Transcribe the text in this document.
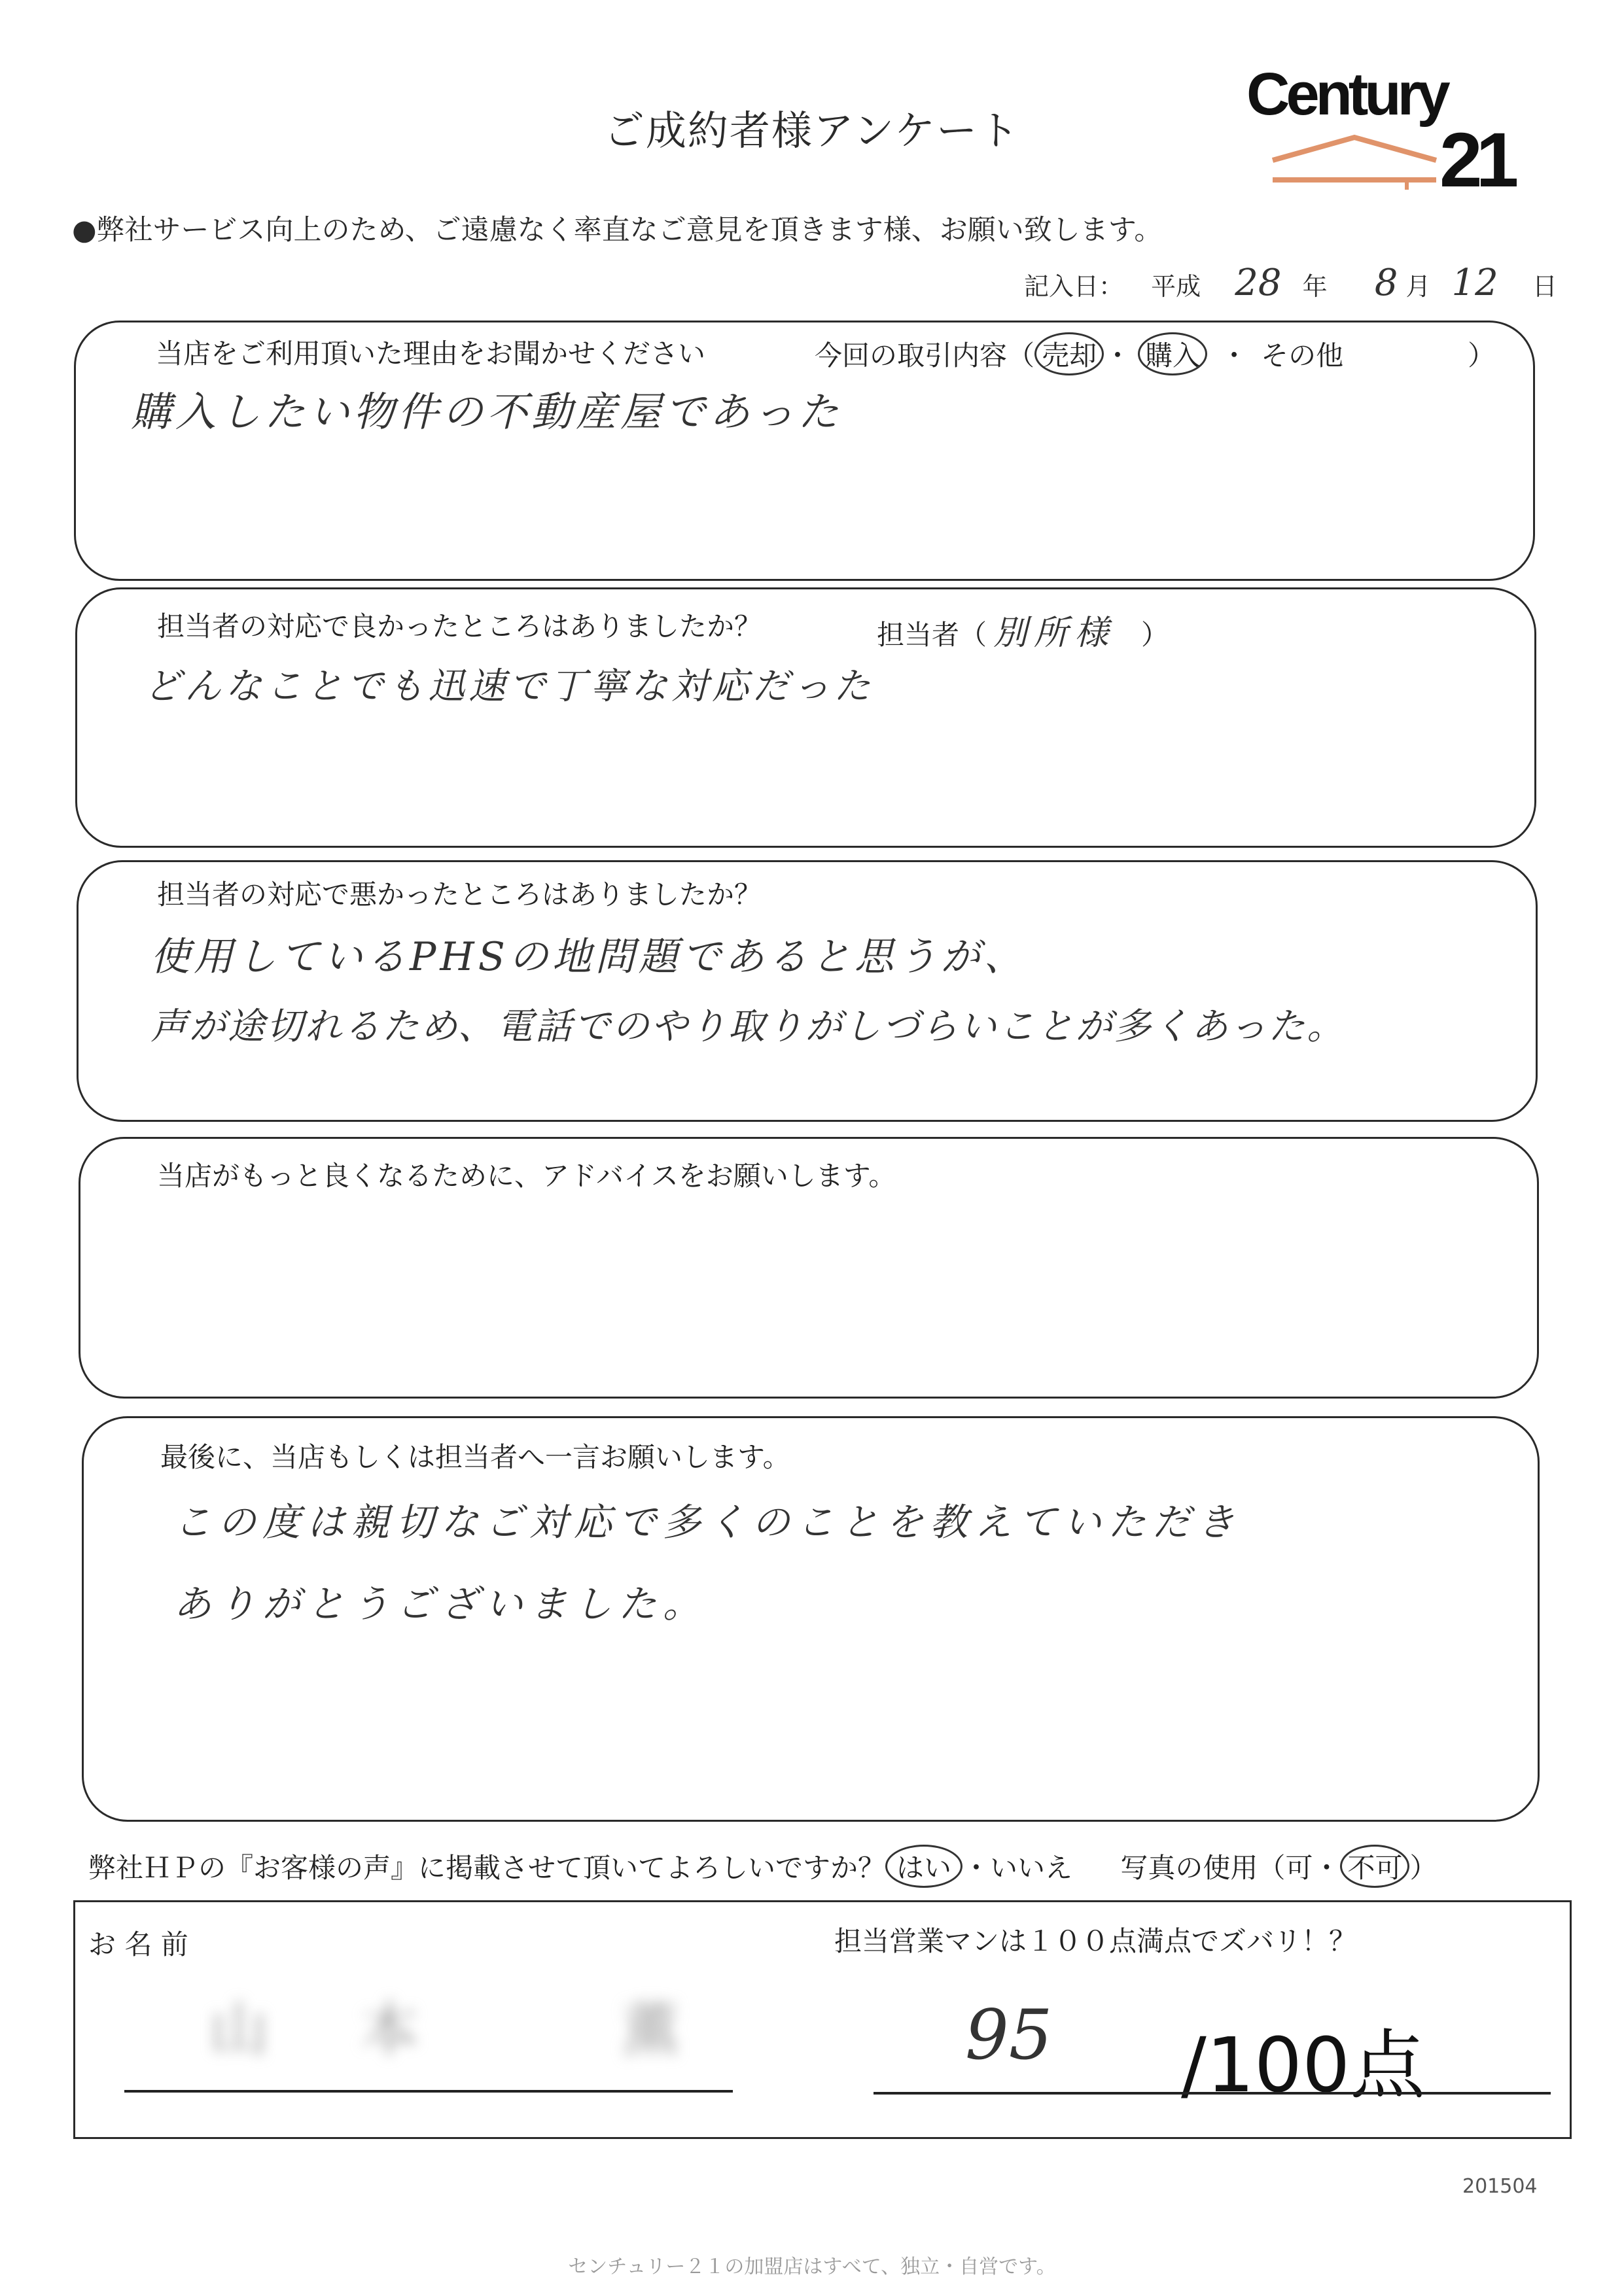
ご成約者様アンケート
Century
21
●弊社サービス向上のため、ご遠慮なく率直なご意見を頂きます様、お願い致します。
記入日： 平成 28 年 8 月 12 日
当店をご利用頂いた理由をお聞かせください	今回の取引内容（ 売却 ・ 購入 ・ その他	）
購入したい物件の不動産屋であった
担当者の対応で良かったところはありましたか？	担当者（ 別所様 ）
どんなことでも迅速で丁寧な対応だった
担当者の対応で悪かったところはありましたか？
使用しているPHSの地問題であると思うが、
声が途切れるため、電話でのやり取りがしづらいことが多くあった。
当店がもっと良くなるために、アドバイスをお願いします。
最後に、当店もしくは担当者へ一言お願いします。
この度は親切なご対応で多くのことを教えていただき
ありがとうございました。
弊社ＨＰの『お客様の声』に掲載させて頂いてよろしいですか？ はい ・いいえ 写真の使用（可・ 不可 ）
お 名 前
山本 薫
担当営業マンは１００点満点でズバリ！？
95 /100点
201504
センチュリー２１の加盟店はすべて、独立・自営です。
